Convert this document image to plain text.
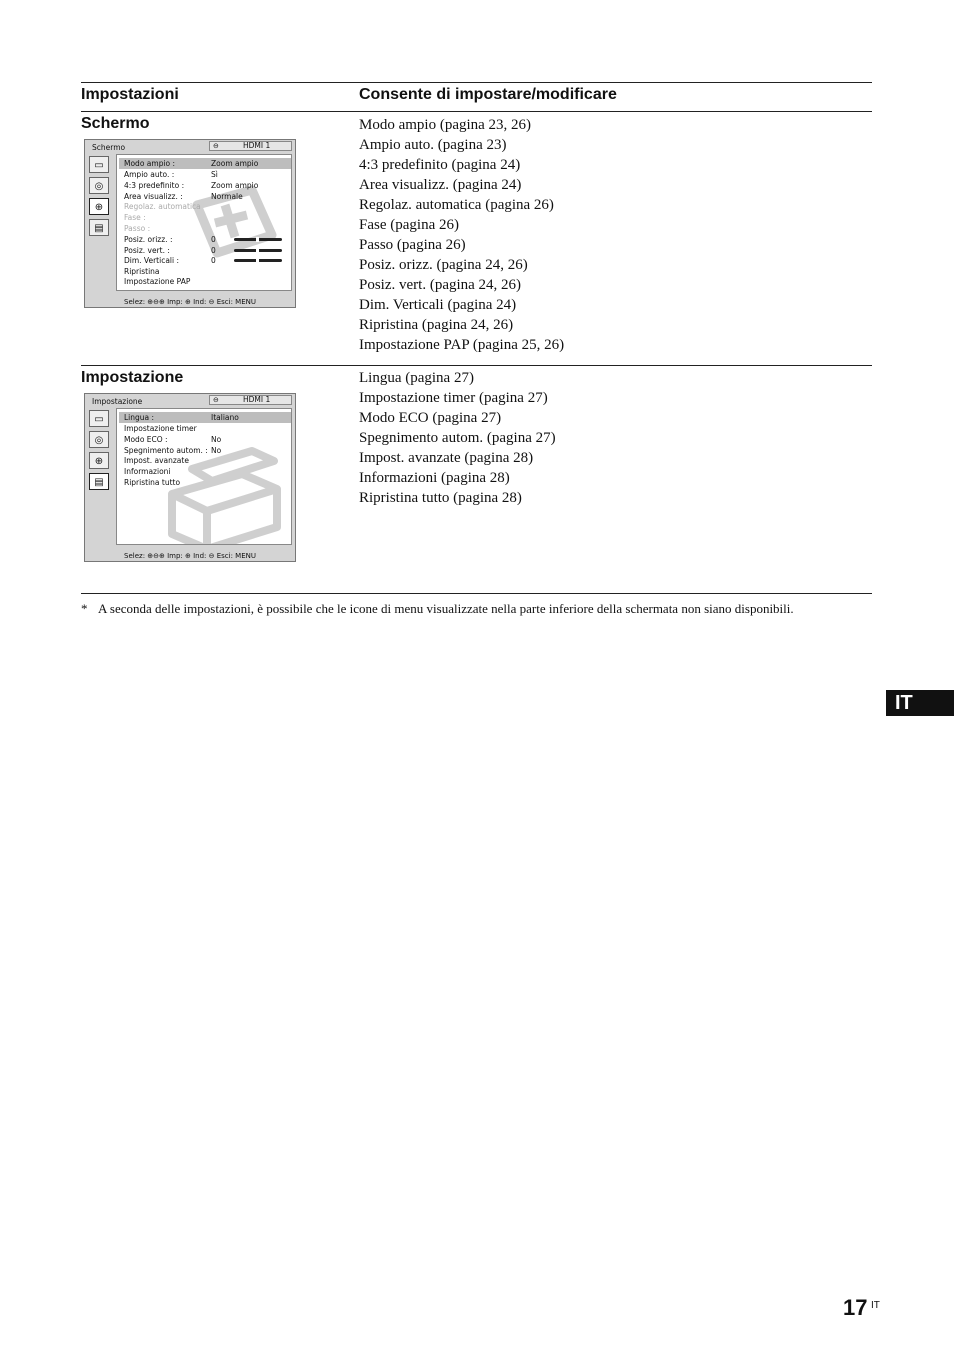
Impostazioni	Consente di impostare/modificare
Schermo	Modo ampio (pagina 23, 26)
Ampio auto. (pagina 23)
4:3 predefinito (pagina 24)
Area visualizz. (pagina 24)
Regolaz. automatica (pagina 26)
Fase (pagina 26)
Passo (pagina 26)
Posiz. orizz. (pagina 24, 26)
Posiz. vert. (pagina 24, 26)
Dim. Verticali (pagina 24)
Ripristina (pagina 24, 26)
Impostazione PAP (pagina 25, 26)
Schermo	⊖	HDMI 1
▭
◎
⊕
▤
Modo ampio :	Zoom ampio
Ampio auto. :	Sì
4:3 predefinito :	Zoom ampio
Area visualizz. :	Normale
Regolaz. automatica
Fase :
Passo :
Posiz. orizz. :	0
Posiz. vert. :	0
Dim. Verticali :	0
Ripristina
Impostazione PAP
Selez: ⊕⊖⊕ Imp: ⊕ Ind: ⊖ Esci: MENU
Impostazione	Lingua (pagina 27)
Impostazione timer (pagina 27)
Modo ECO (pagina 27)
Spegnimento autom. (pagina 27)
Impost. avanzate (pagina 28)
Informazioni (pagina 28)
Ripristina tutto (pagina 28)
Impostazione	⊖	HDMI 1
▭
◎
⊕
▤
Lingua :	Italiano
Impostazione timer
Modo ECO :	No
Spegnimento autom. : No
Impost. avanzate
Informazioni
Ripristina tutto
Selez: ⊕⊖⊕ Imp: ⊕ Ind: ⊖ Esci: MENU
* A seconda delle impostazioni, è possibile che le icone di menu visualizzate nella parte inferiore della schermata non siano disponibili.
IT
17 IT
